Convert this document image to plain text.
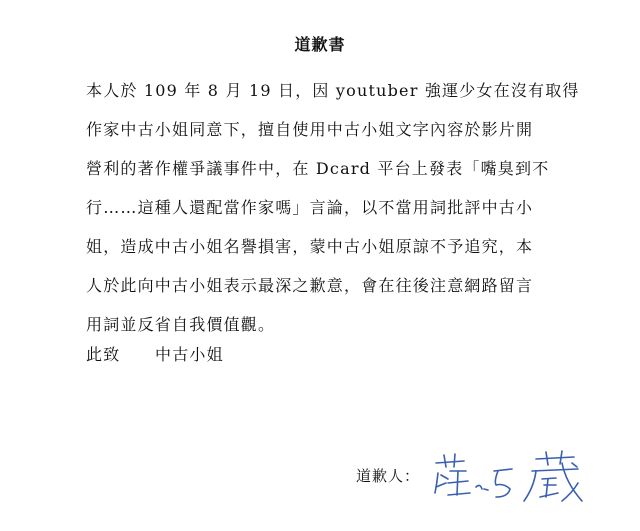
道歉書
本人於 109 年 8 月 19 日，因 youtuber 強運少女在沒有取得
作家中古小姐同意下，擅自使用中古小姐文字內容於影片開
營利的著作權爭議事件中，在 Dcard 平台上發表「嘴臭到不
行……這種人還配當作家嗎」言論，以不當用詞批評中古小
姐，造成中古小姐名譽損害，蒙中古小姐原諒不予追究，本
人於此向中古小姐表示最深之歉意，會在往後注意網路留言
用詞並反省自我價值觀。
此致 中古小姐
道歉人：
